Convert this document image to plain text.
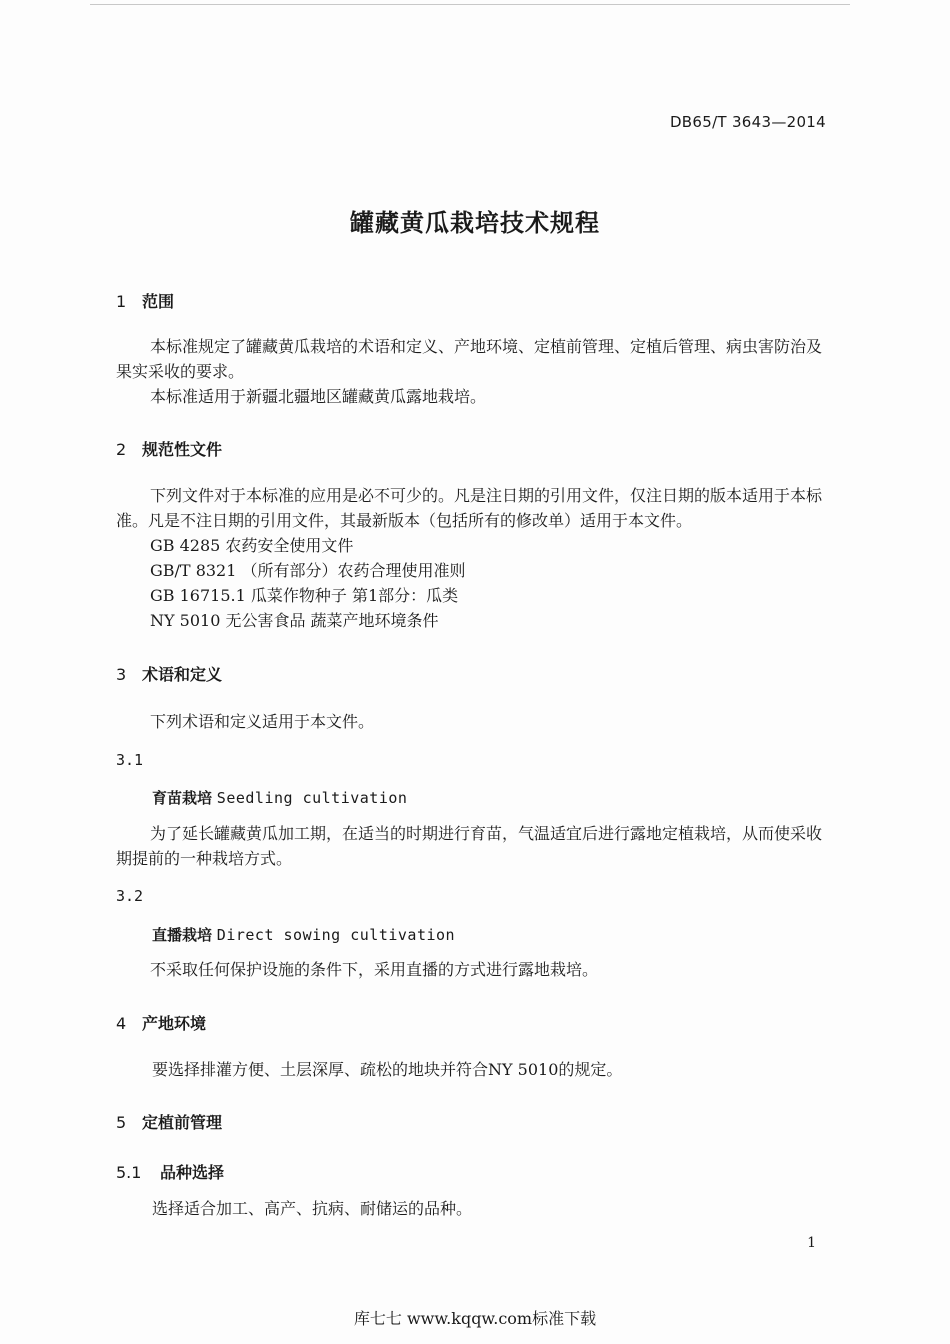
DB65/T 3643—2014
罐藏黄瓜栽培技术规程
1 范围
本标准规定了罐藏黄瓜栽培的术语和定义、产地环境、定植前管理、定植后管理、病虫害防治及
果实采收的要求。
本标准适用于新疆北疆地区罐藏黄瓜露地栽培。
2 规范性文件
下列文件对于本标准的应用是必不可少的。凡是注日期的引用文件，仅注日期的版本适用于本标
准。凡是不注日期的引用文件，其最新版本（包括所有的修改单）适用于本文件。
GB 4285 农药安全使用文件
GB/T 8321 （所有部分）农药合理使用准则
GB 16715.1 瓜菜作物种子 第1部分：瓜类
NY 5010 无公害食品 蔬菜产地环境条件
3 术语和定义
下列术语和定义适用于本文件。
3.1
育苗栽培 Seedling cultivation
为了延长罐藏黄瓜加工期，在适当的时期进行育苗，气温适宜后进行露地定植栽培，从而使采收
期提前的一种栽培方式。
3.2
直播栽培 Direct sowing cultivation
不采取任何保护设施的条件下，采用直播的方式进行露地栽培。
4 产地环境
要选择排灌方便、土层深厚、疏松的地块并符合NY 5010的规定。
5 定植前管理
5.1 品种选择
选择适合加工、高产、抗病、耐储运的品种。
1
库七七 www.kqqw.com标准下载
